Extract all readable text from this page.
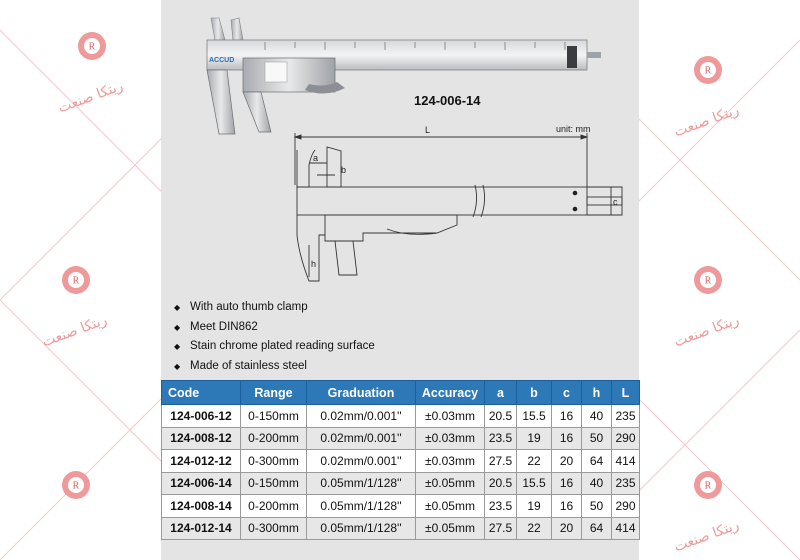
R
ریتکا صنعت
R
ریتکا صنعت
R
ریتکا صنعت
R
ریتکا صنعت
R	R
ریتکا صنعت
ACCUD
124-006-14
unit: mm
L
a
b
c
h
◆ With auto thumb clamp
◆ Meet DIN862
◆ Stain chrome plated reading surface
◆ Made of stainless steel
Code	Range	Graduation	Accuracy	a	b	c	h	L
124-006-12	0-150mm	0.02mm/0.001''	±0.03mm	20.5	15.5	16	40	235
124-008-12	0-200mm	0.02mm/0.001''	±0.03mm	23.5	19	16	50	290
124-012-12	0-300mm	0.02mm/0.001''	±0.03mm	27.5	22	20	64	414
124-006-14	0-150mm	0.05mm/1/128''	±0.05mm	20.5	15.5	16	40	235
124-008-14	0-200mm	0.05mm/1/128''	±0.05mm	23.5	19	16	50	290
124-012-14	0-300mm	0.05mm/1/128''	±0.05mm	27.5	22	20	64	414
